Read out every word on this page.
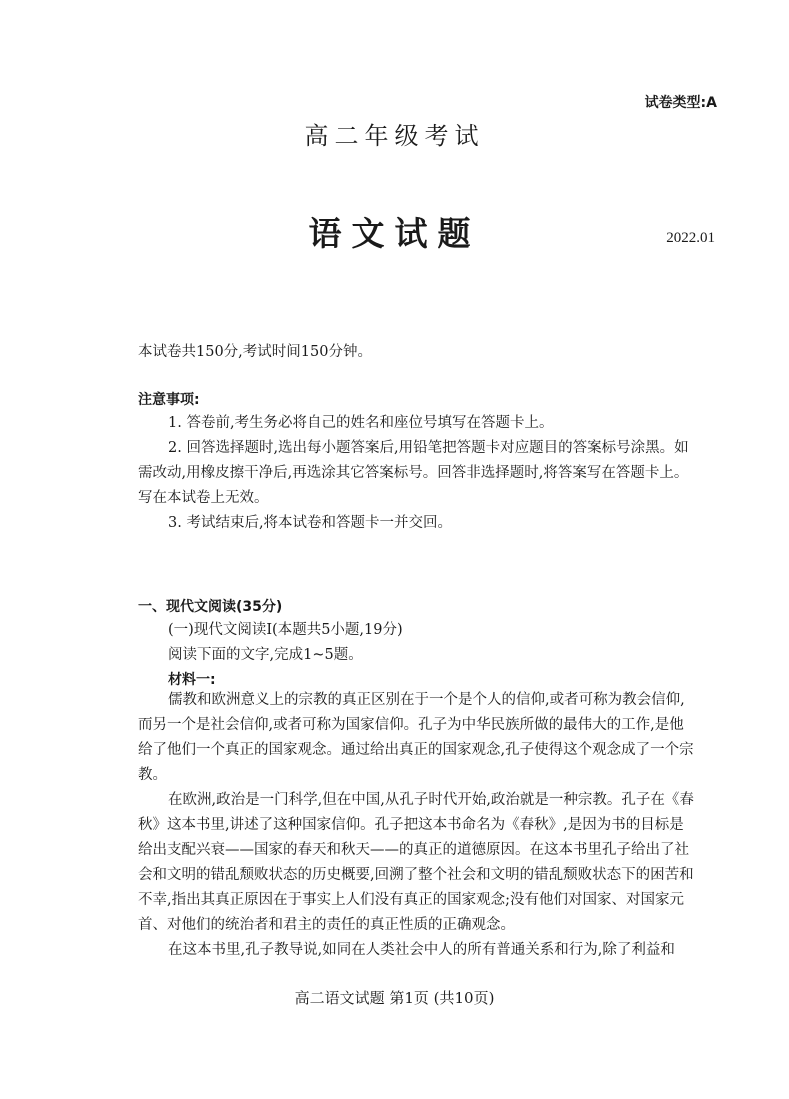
试卷类型:A
高二年级考试
语文试题	2022.01
本试卷共150分,考试时间150分钟。
注意事项:
1. 答卷前,考生务必将自己的姓名和座位号填写在答题卡上。
2. 回答选择题时,选出每小题答案后,用铅笔把答题卡对应题目的答案标号涂黑。如需改动,用橡皮擦干净后,再选涂其它答案标号。回答非选择题时,将答案写在答题卡上。写在本试卷上无效。
3. 考试结束后,将本试卷和答题卡一并交回。
一、现代文阅读(35分)
(一)现代文阅读Ⅰ(本题共5小题,19分)
阅读下面的文字,完成1~5题。
材料一:
儒教和欧洲意义上的宗教的真正区别在于一个是个人的信仰,或者可称为教会信仰,而另一个是社会信仰,或者可称为国家信仰。孔子为中华民族所做的最伟大的工作,是他给了他们一个真正的国家观念。通过给出真正的国家观念,孔子使得这个观念成了一个宗教。
在欧洲,政治是一门科学,但在中国,从孔子时代开始,政治就是一种宗教。孔子在《春秋》这本书里,讲述了这种国家信仰。孔子把这本书命名为《春秋》,是因为书的目标是给出支配兴衰——国家的春天和秋天——的真正的道德原因。在这本书里孔子给出了社会和文明的错乱颓败状态的历史概要,回溯了整个社会和文明的错乱颓败状态下的困苦和不幸,指出其真正原因在于事实上人们没有真正的国家观念;没有他们对国家、对国家元首、对他们的统治者和君主的责任的真正性质的正确观念。
在这本书里,孔子教导说,如同在人类社会中人的所有普通关系和行为,除了利益和
高二语文试题 第1页 (共10页)
